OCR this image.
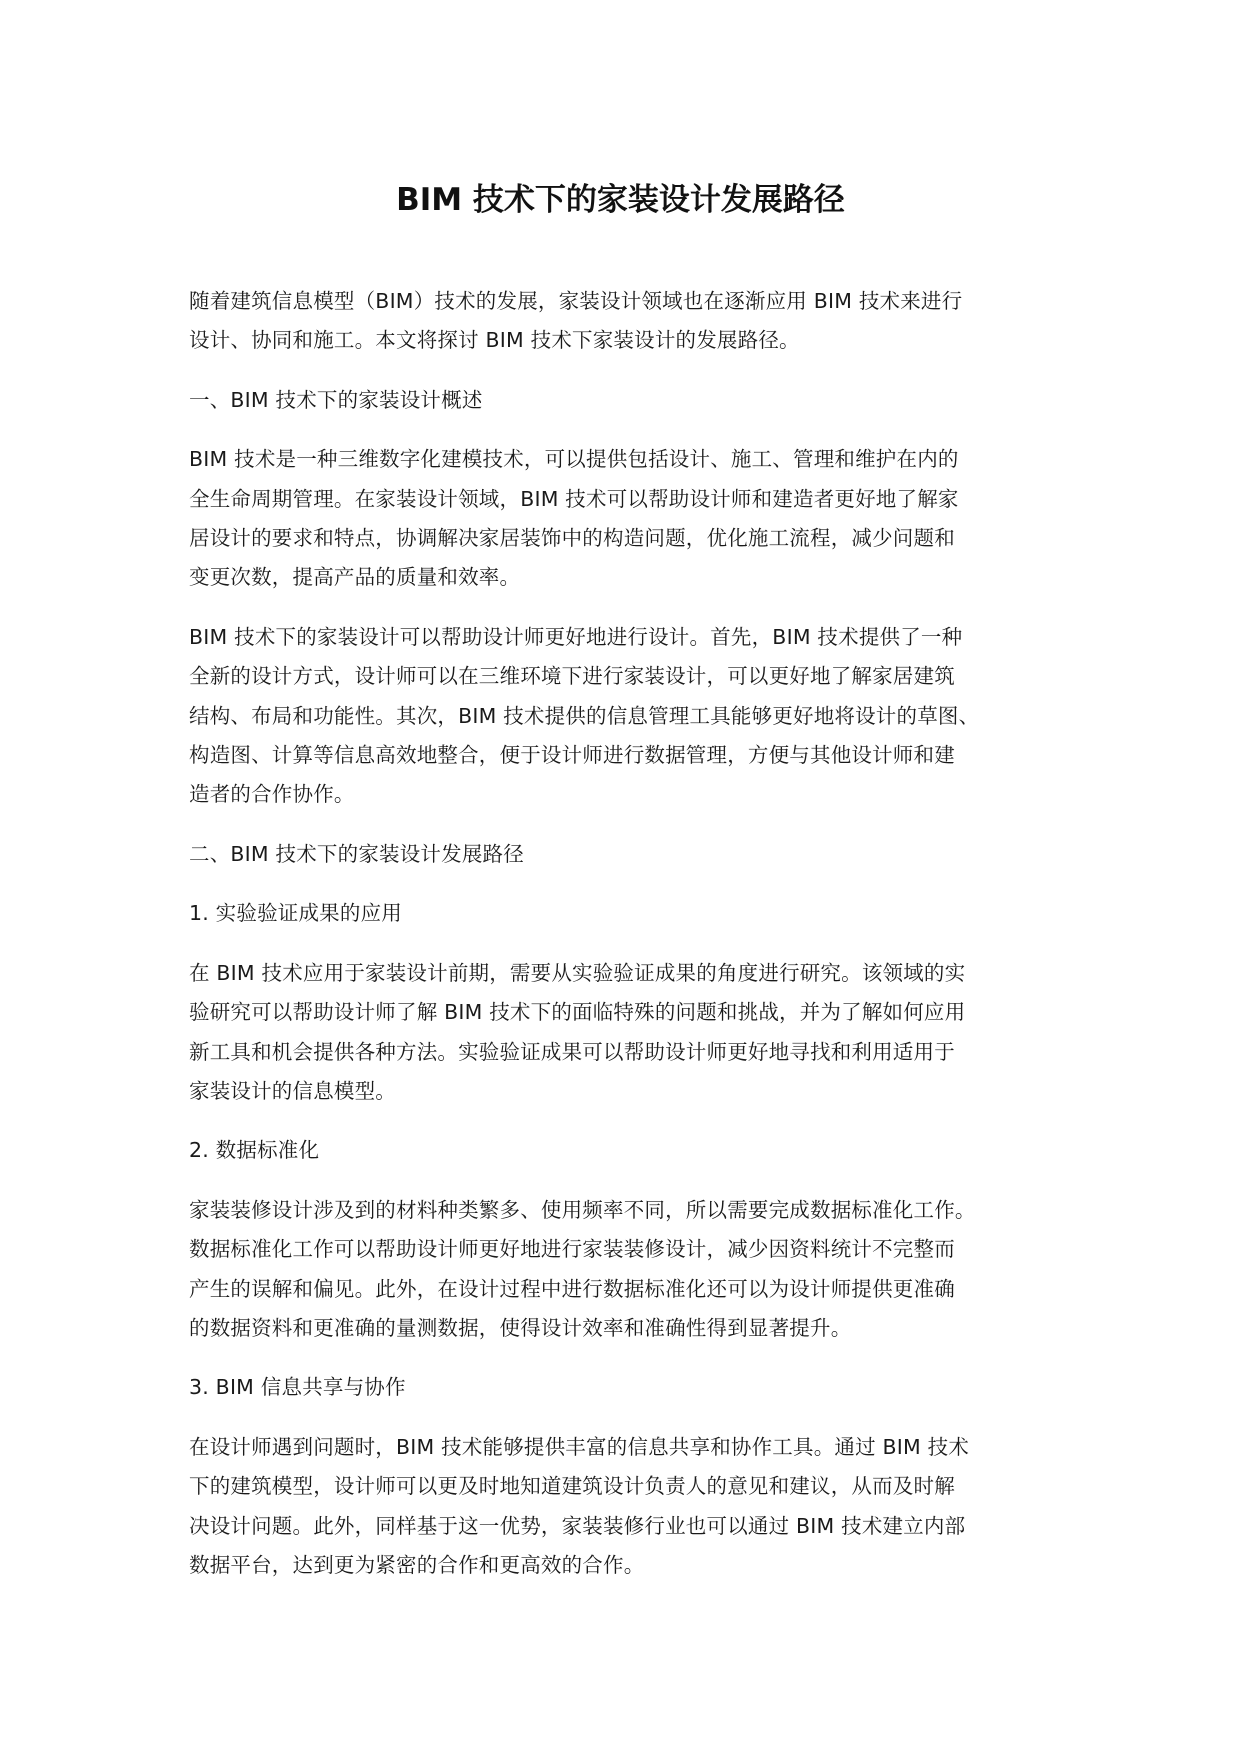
BIM 技术下的家装设计发展路径
随着建筑信息模型（BIM）技术的发展，家装设计领域也在逐渐应用 BIM 技术来进行
设计、协同和施工。本文将探讨 BIM 技术下家装设计的发展路径。
一、BIM 技术下的家装设计概述
BIM 技术是一种三维数字化建模技术，可以提供包括设计、施工、管理和维护在内的
全生命周期管理。在家装设计领域，BIM 技术可以帮助设计师和建造者更好地了解家
居设计的要求和特点，协调解决家居装饰中的构造问题，优化施工流程，减少问题和
变更次数，提高产品的质量和效率。
BIM 技术下的家装设计可以帮助设计师更好地进行设计。首先，BIM 技术提供了一种
全新的设计方式，设计师可以在三维环境下进行家装设计，可以更好地了解家居建筑
结构、布局和功能性。其次，BIM 技术提供的信息管理工具能够更好地将设计的草图、
构造图、计算等信息高效地整合，便于设计师进行数据管理，方便与其他设计师和建
造者的合作协作。
二、BIM 技术下的家装设计发展路径
1. 实验验证成果的应用
在 BIM 技术应用于家装设计前期，需要从实验验证成果的角度进行研究。该领域的实
验研究可以帮助设计师了解 BIM 技术下的面临特殊的问题和挑战，并为了解如何应用
新工具和机会提供各种方法。实验验证成果可以帮助设计师更好地寻找和利用适用于
家装设计的信息模型。
2. 数据标准化
家装装修设计涉及到的材料种类繁多、使用频率不同，所以需要完成数据标准化工作。
数据标准化工作可以帮助设计师更好地进行家装装修设计，减少因资料统计不完整而
产生的误解和偏见。此外，在设计过程中进行数据标准化还可以为设计师提供更准确
的数据资料和更准确的量测数据，使得设计效率和准确性得到显著提升。
3. BIM 信息共享与协作
在设计师遇到问题时，BIM 技术能够提供丰富的信息共享和协作工具。通过 BIM 技术
下的建筑模型，设计师可以更及时地知道建筑设计负责人的意见和建议，从而及时解
决设计问题。此外，同样基于这一优势，家装装修行业也可以通过 BIM 技术建立内部
数据平台，达到更为紧密的合作和更高效的合作。
